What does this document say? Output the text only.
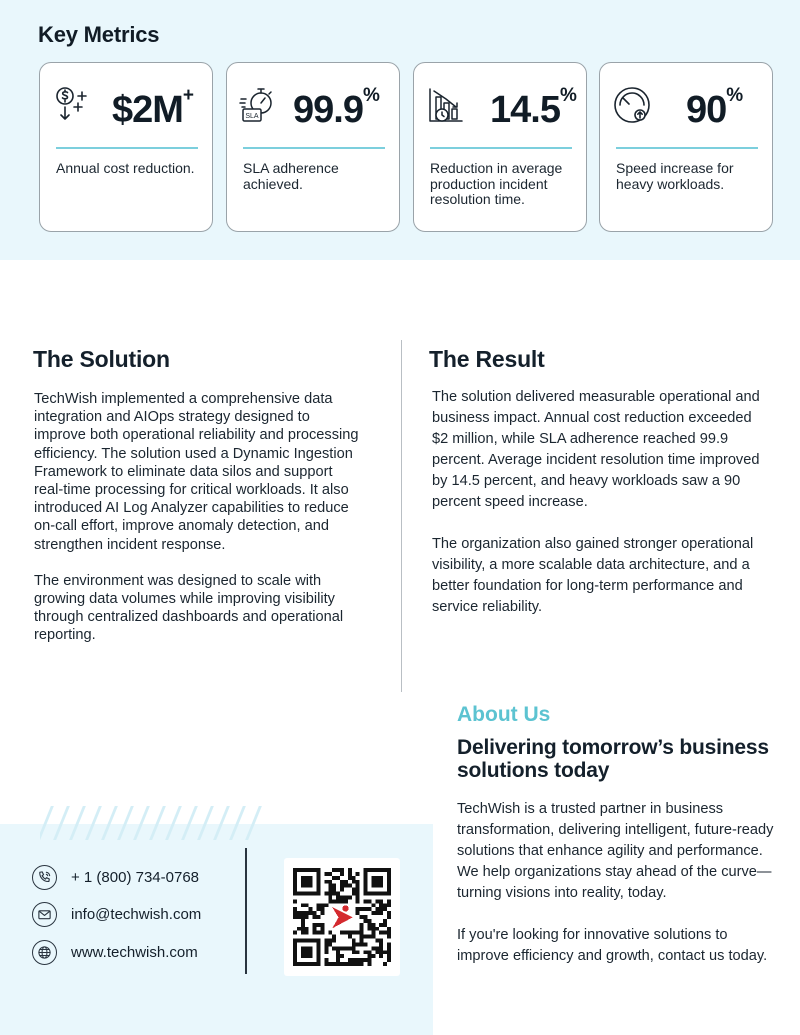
Key Metrics
$2M+
Annual cost reduction.
SLA 99.9%
SLA adherence achieved.
14.5%
Reduction in average production incident resolution time.
90%
Speed increase for heavy workloads.
The Solution

TechWish implemented a comprehensive data integration and AIOps strategy designed to improve both operational reliability and processing efficiency. The solution used a Dynamic Ingestion Framework to eliminate data silos and support real-time processing for critical workloads. It also introduced AI Log Analyzer capabilities to reduce on-call effort, improve anomaly detection, and strengthen incident response.

The environment was designed to scale with growing data volumes while improving visibility through centralized dashboards and operational reporting.

The Result

The solution delivered measurable operational and business impact. Annual cost reduction exceeded $2 million, while SLA adherence reached 99.9 percent. Average incident resolution time improved by 14.5 percent, and heavy workloads saw a 90 percent speed increase.

The organization also gained stronger operational visibility, a more scalable data architecture, and a better foundation for long-term performance and service reliability.

+ 1 (800) 734-0768
info@techwish.com
www.techwish.com
About Us
Delivering tomorrow’s business solutions today

TechWish is a trusted partner in business transformation, delivering intelligent, future-ready solutions that enhance agility and performance. We help organizations stay ahead of the curve—turning visions into reality, today.

If you're looking for innovative solutions to improve efficiency and growth, contact us today.
